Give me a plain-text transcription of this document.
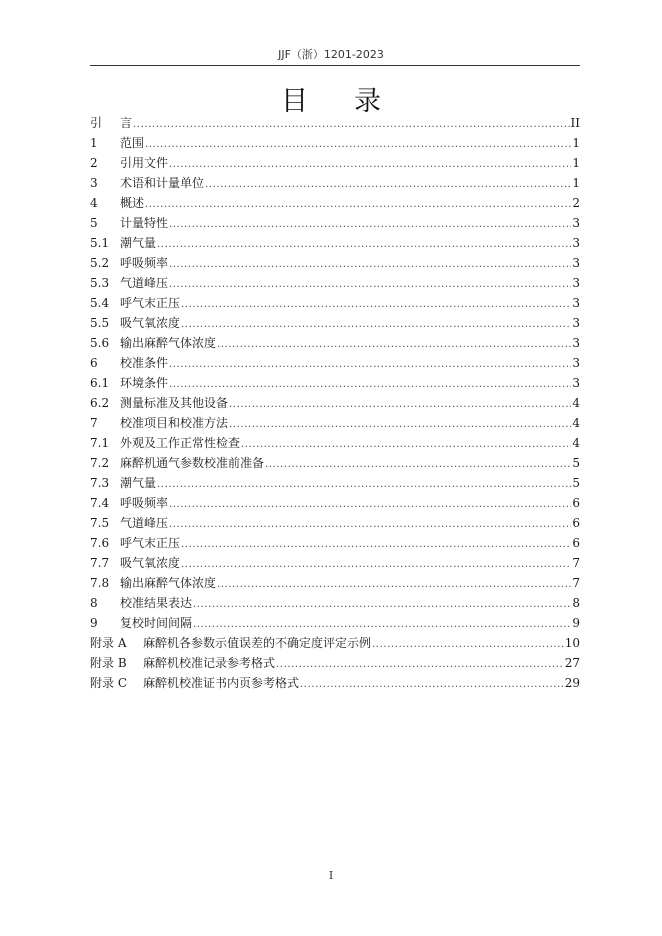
JJF（浙）1201-2023
目录
引	言 .....	II
1	范围 .....	1
2	引用文件 .....	1
3	术语和计量单位 .....	1
4	概述 .....	2
5	计量特性 .....	3
5.1 潮气量 .....	3
5.2 呼吸频率 .....	3
5.3 气道峰压 .....	3
5.4 呼气末正压 .....	3
5.5 吸气氧浓度 .....	3
5.6 输出麻醉气体浓度 .....	3
6	校准条件 .....	3
6.1 环境条件 .....	3
6.2 测量标准及其他设备 .....	4
7	校准项目和校准方法 .....	4
7.1 外观及工作正常性检查 .....	4
7.2 麻醉机通气参数校准前准备 .....	5
7.3 潮气量 .....	5
7.4 呼吸频率 .....	6
7.5 气道峰压 .....	6
7.6 呼气末正压 .....	6
7.7 吸气氧浓度 .....	7
7.8 输出麻醉气体浓度 .....	7
8	校准结果表达 .....	8
9	复校时间间隔 .....	9
附录 A	麻醉机各参数示值误差的不确定度评定示例 .....	10
附录 B	麻醉机校准记录参考格式 .....	27
附录 C	麻醉机校准证书内页参考格式 .....	29
I
